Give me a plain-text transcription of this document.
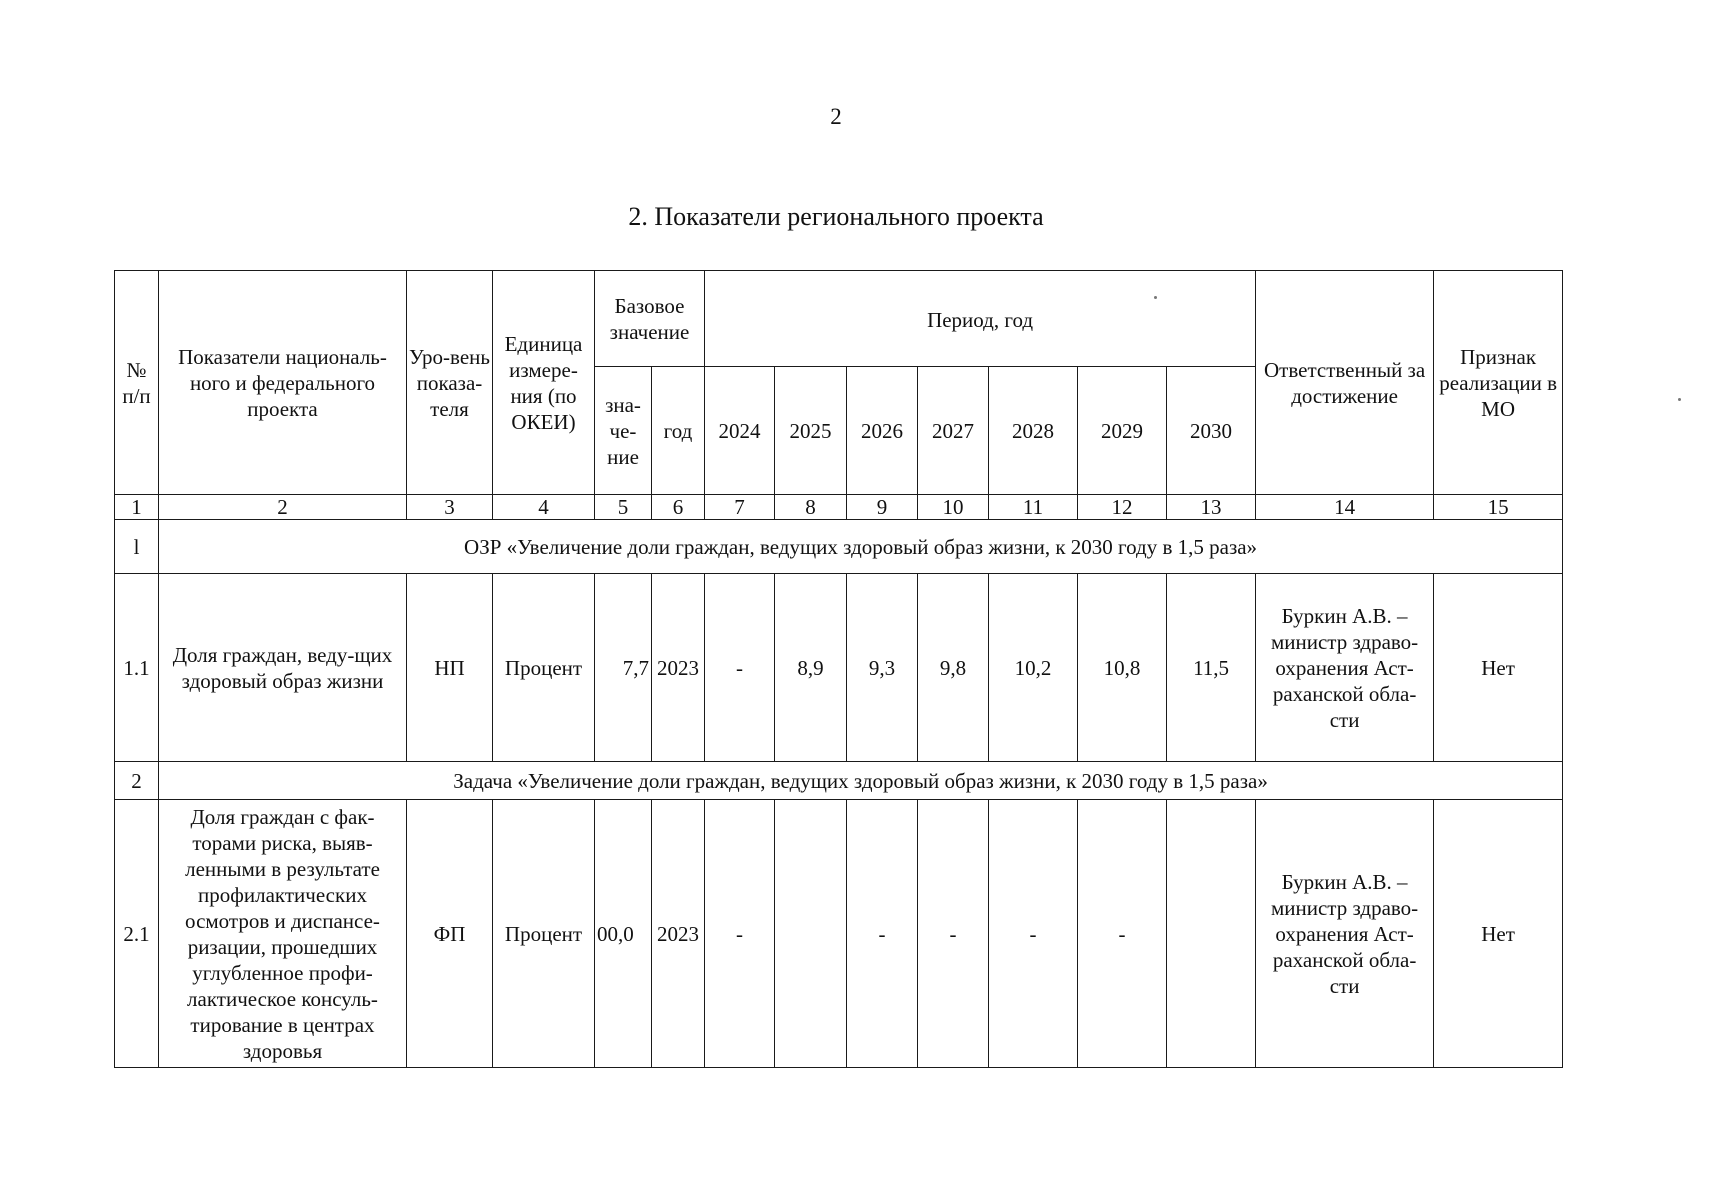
2
2. Показатели регионального проекта
№ п/п	Показатели националь-ного и федерального проекта	Уро-вень показа-теля	Единица измере-ния (по ОКЕИ)	Базовое значение		Период, год							Ответственный за достижение	Признак реализации в МО
				зна-че-ние	год	2024	2025	2026	2027	2028	2029	2030		
1	2	3	4	5	6	7	8	9	10	11	12	13	14	15
l	ОЗР «Увеличение доли граждан, ведущих здоровый образ жизни, к 2030 году в 1,5 раза»													
1.1	Доля граждан, веду-щих здоровый образ жизни	НП	Процент	7,7	2023	-	8,9	9,3	9,8	10,2	10,8	11,5	Буркин А.В. – министр здраво-охранения Аст-раханской обла-сти	Нет
2	Задача «Увеличение доли граждан, ведущих здоровый образ жизни, к 2030 году в 1,5 раза»													
2.1	Доля граждан с фак-торами риска, выяв-ленными в результате профилактических осмотров и диспансе-ризации, прошедших углубленное профи-лактическое консуль-тирование в центрах здоровья	ФП	Процент	00,0	2023	-		-	-	-	-		Буркин А.В. – министр здраво-охранения Аст-раханской обла-сти	Нет
